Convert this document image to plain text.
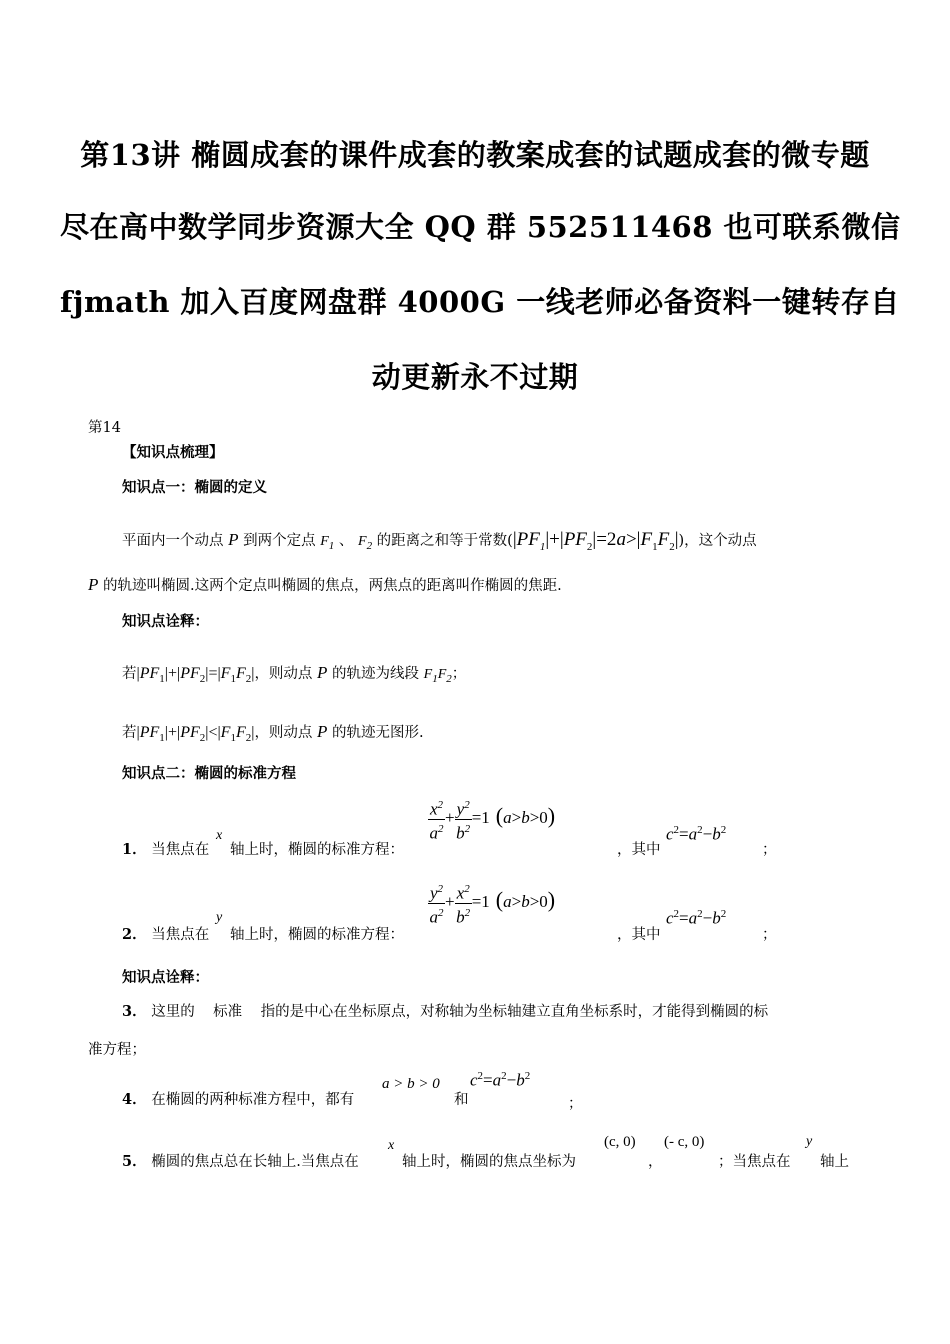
第13讲 椭圆成套的课件成套的教案成套的试题成套的微专题
尽在高中数学同步资源大全 QQ 群 552511468 也可联系微信
fjmath 加入百度网盘群 4000G 一线老师必备资料一键转存自
动更新永不过期
第14
【知识点梳理】
知识点一：椭圆的定义
平面内一个动点 P 到两个定点 $F_1$ 、 $F_2$ 的距离之和等于常数$(|PF_1|+|PF_2|=2a>|F_1F_2|)$，这个动点
P 的轨迹叫椭圆.这两个定点叫椭圆的焦点，两焦点的距离叫作椭圆的焦距.
知识点诠释：
若$|PF_1|+|PF_2|=|F_1F_2|$，则动点 P 的轨迹为线段 $F_1F_2$；
若$|PF_1|+|PF_2|<|F_1F_2|$，则动点 P 的轨迹无图形.
知识点二：椭圆的标准方程
1． 当焦点在
x
轴上时，椭圆的标准方程：
$\frac{x^2}{a^2} + \frac{y^2}{b^2} =1$ (a>b>0)
，其中
$c^2=a^2-b^2$
；
2． 当焦点在
y
轴上时，椭圆的标准方程：
$\frac{y^2}{a^2} + \frac{x^2}{b^2} =1$ (a>b>0)
，其中
$c^2=a^2-b^2$
；
知识点诠释：
3． 这里的    标准    指的是中心在坐标原点，对称轴为坐标轴建立直角坐标系时，才能得到椭圆的标
准方程；
4． 在椭圆的两种标准方程中，都有
a > b > 0
和
$c^2=a^2-b^2$
；
5． 椭圆的焦点总在长轴上.当焦点在
x
轴上时，椭圆的焦点坐标为
(c, 0)
，
(- c, 0)
；当焦点在
y
轴上
